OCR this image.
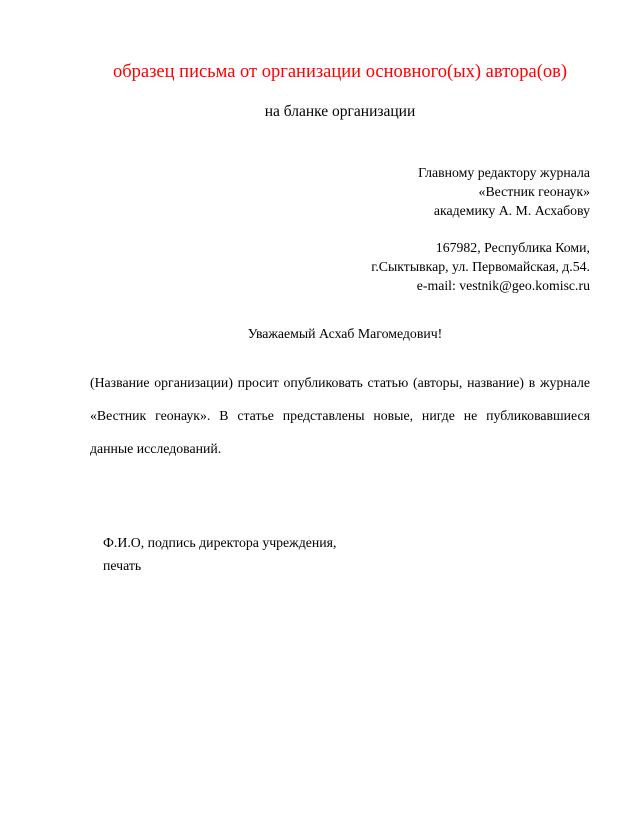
образец письма от организации основного(ых) автора(ов)
на бланке организации
Главному редактору журнала
«Вестник геонаук»
академику А. М. Асхабову
167982, Республика Коми,
г.Сыктывкар, ул. Первомайская, д.54.
e-mail: vestnik@geo.komisc.ru
Уважаемый Асхаб Магомедович!
(Название организации) просит опубликовать статью (авторы, название) в журнале «Вестник геонаук». В статье представлены новые, нигде не публиковавшиеся данные исследований.
Ф.И.О, подпись директора учреждения,
печать
